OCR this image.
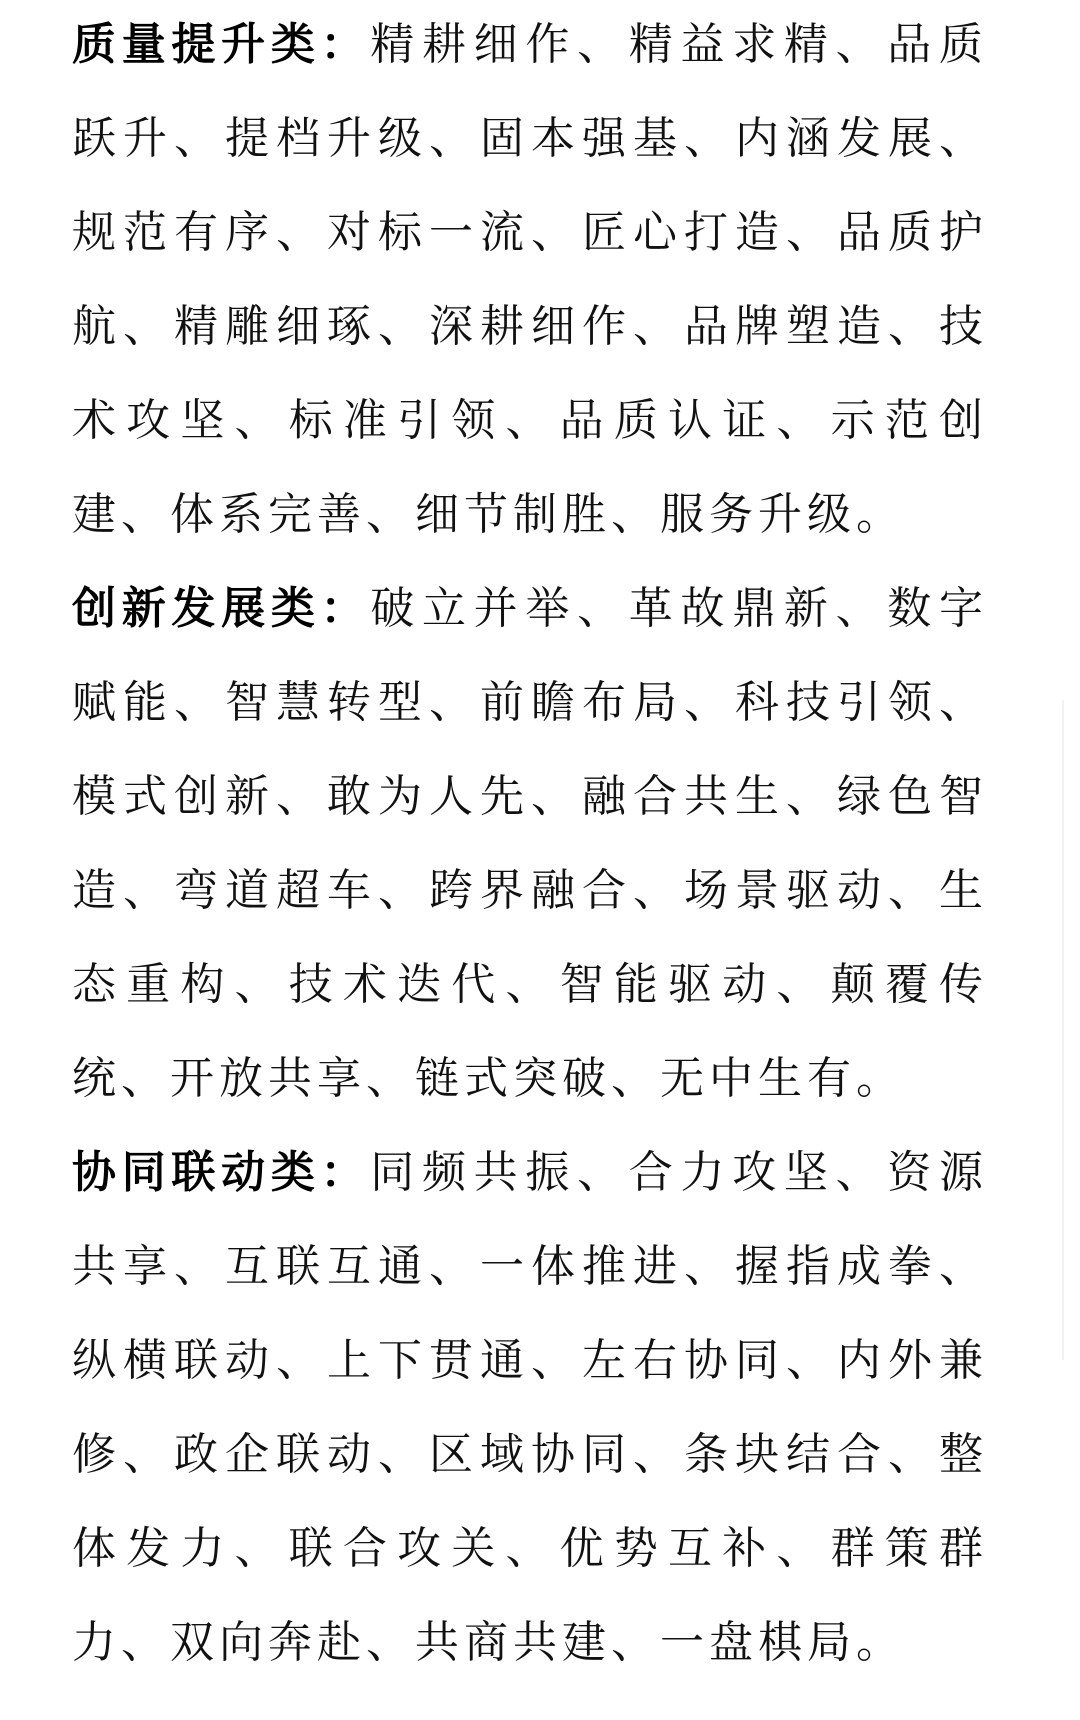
质量提升类：精耕细作、精益求精、品质跃升、提档升级、固本强基、内涵发展、规范有序、对标一流、匠心打造、品质护航、精雕细琢、深耕细作、品牌塑造、技术攻坚、标准引领、品质认证、示范创建、体系完善、细节制胜、服务升级。

创新发展类：破立并举、革故鼎新、数字赋能、智慧转型、前瞻布局、科技引领、模式创新、敢为人先、融合共生、绿色智造、弯道超车、跨界融合、场景驱动、生态重构、技术迭代、智能驱动、颠覆传统、开放共享、链式突破、无中生有。

协同联动类：同频共振、合力攻坚、资源共享、互联互通、一体推进、握指成拳、纵横联动、上下贯通、左右协同、内外兼修、政企联动、区域协同、条块结合、整体发力、联合攻关、优势互补、群策群力、双向奔赴、共商共建、一盘棋局。
